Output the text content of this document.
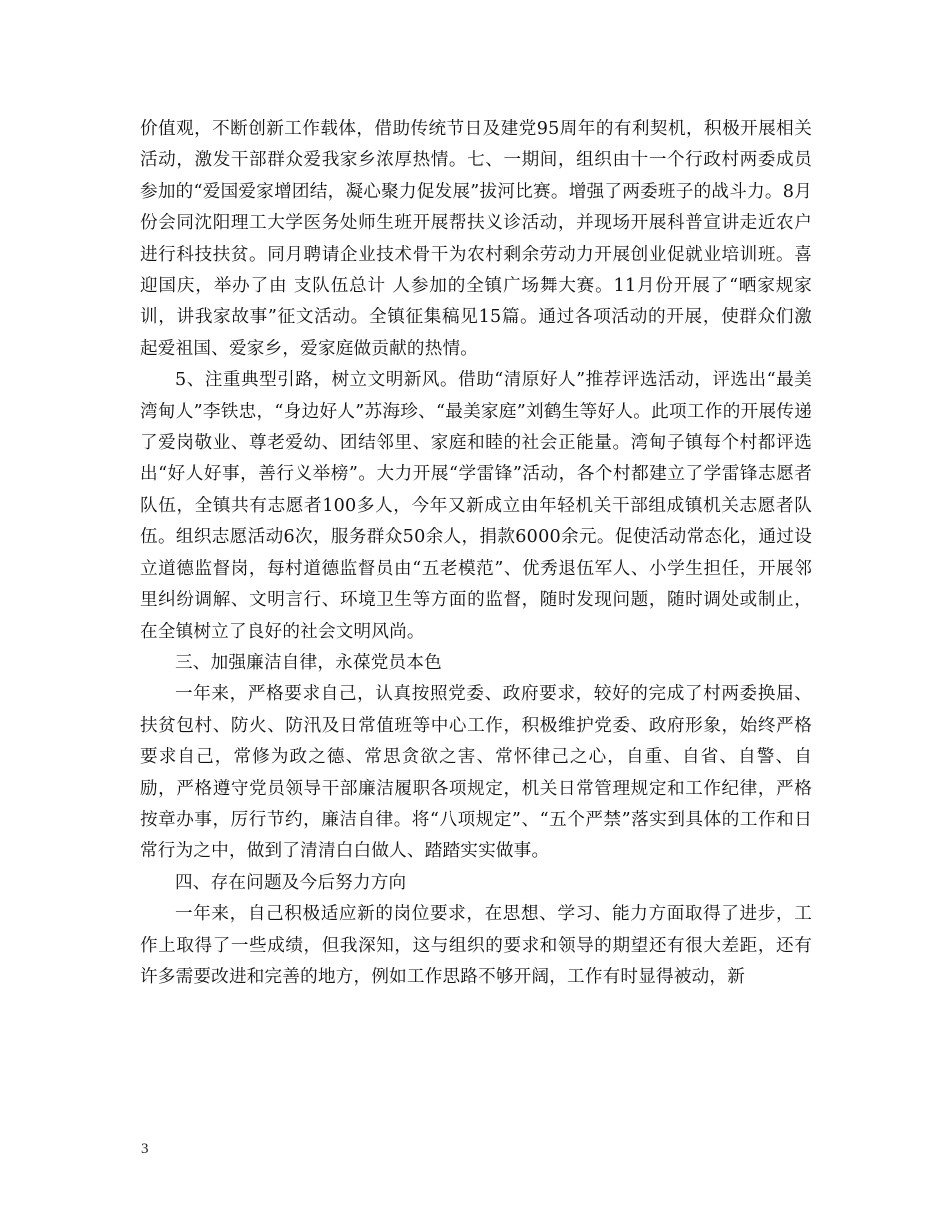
价值观，不断创新工作载体，借助传统节日及建党95周年的有利契机，积极开展相关活动，激发干部群众爱我家乡浓厚热情。七、一期间，组织由十一个行政村两委成员参加的“爱国爱家增团结，凝心聚力促发展”拔河比赛。增强了两委班子的战斗力。8月份会同沈阳理工大学医务处师生班开展帮扶义诊活动，并现场开展科普宣讲走近农户进行科技扶贫。同月聘请企业技术骨干为农村剩余劳动力开展创业促就业培训班。喜迎国庆，举办了由 支队伍总计 人参加的全镇广场舞大赛。11月份开展了“晒家规家训，讲我家故事”征文活动。全镇征集稿见15篇。通过各项活动的开展，使群众们激起爱祖国、爱家乡，爱家庭做贡献的热情。

5、注重典型引路，树立文明新风。借助“清原好人”推荐评选活动，评选出“最美湾甸人”李铁忠，“身边好人”苏海珍、“最美家庭”刘鹤生等好人。此项工作的开展传递了爱岗敬业、尊老爱幼、团结邻里、家庭和睦的社会正能量。湾甸子镇每个村都评选出“好人好事，善行义举榜”。大力开展“学雷锋”活动，各个村都建立了学雷锋志愿者队伍，全镇共有志愿者100多人，今年又新成立由年轻机关干部组成镇机关志愿者队伍。组织志愿活动6次，服务群众50余人，捐款6000余元。促使活动常态化，通过设立道德监督岗，每村道德监督员由“五老模范”、优秀退伍军人、小学生担任，开展邻里纠纷调解、文明言行、环境卫生等方面的监督，随时发现问题，随时调处或制止，在全镇树立了良好的社会文明风尚。

三、加强廉洁自律，永葆党员本色

一年来，严格要求自己，认真按照党委、政府要求，较好的完成了村两委换届、扶贫包村、防火、防汛及日常值班等中心工作，积极维护党委、政府形象，始终严格要求自己，常修为政之德、常思贪欲之害、常怀律己之心，自重、自省、自警、自励，严格遵守党员领导干部廉洁履职各项规定，机关日常管理规定和工作纪律，严格按章办事，厉行节约，廉洁自律。将“八项规定”、“五个严禁”落实到具体的工作和日常行为之中，做到了清清白白做人、踏踏实实做事。

四、存在问题及今后努力方向

一年来，自己积极适应新的岗位要求，在思想、学习、能力方面取得了进步，工作上取得了一些成绩，但我深知，这与组织的要求和领导的期望还有很大差距，还有许多需要改进和完善的地方，例如工作思路不够开阔，工作有时显得被动，新

3
